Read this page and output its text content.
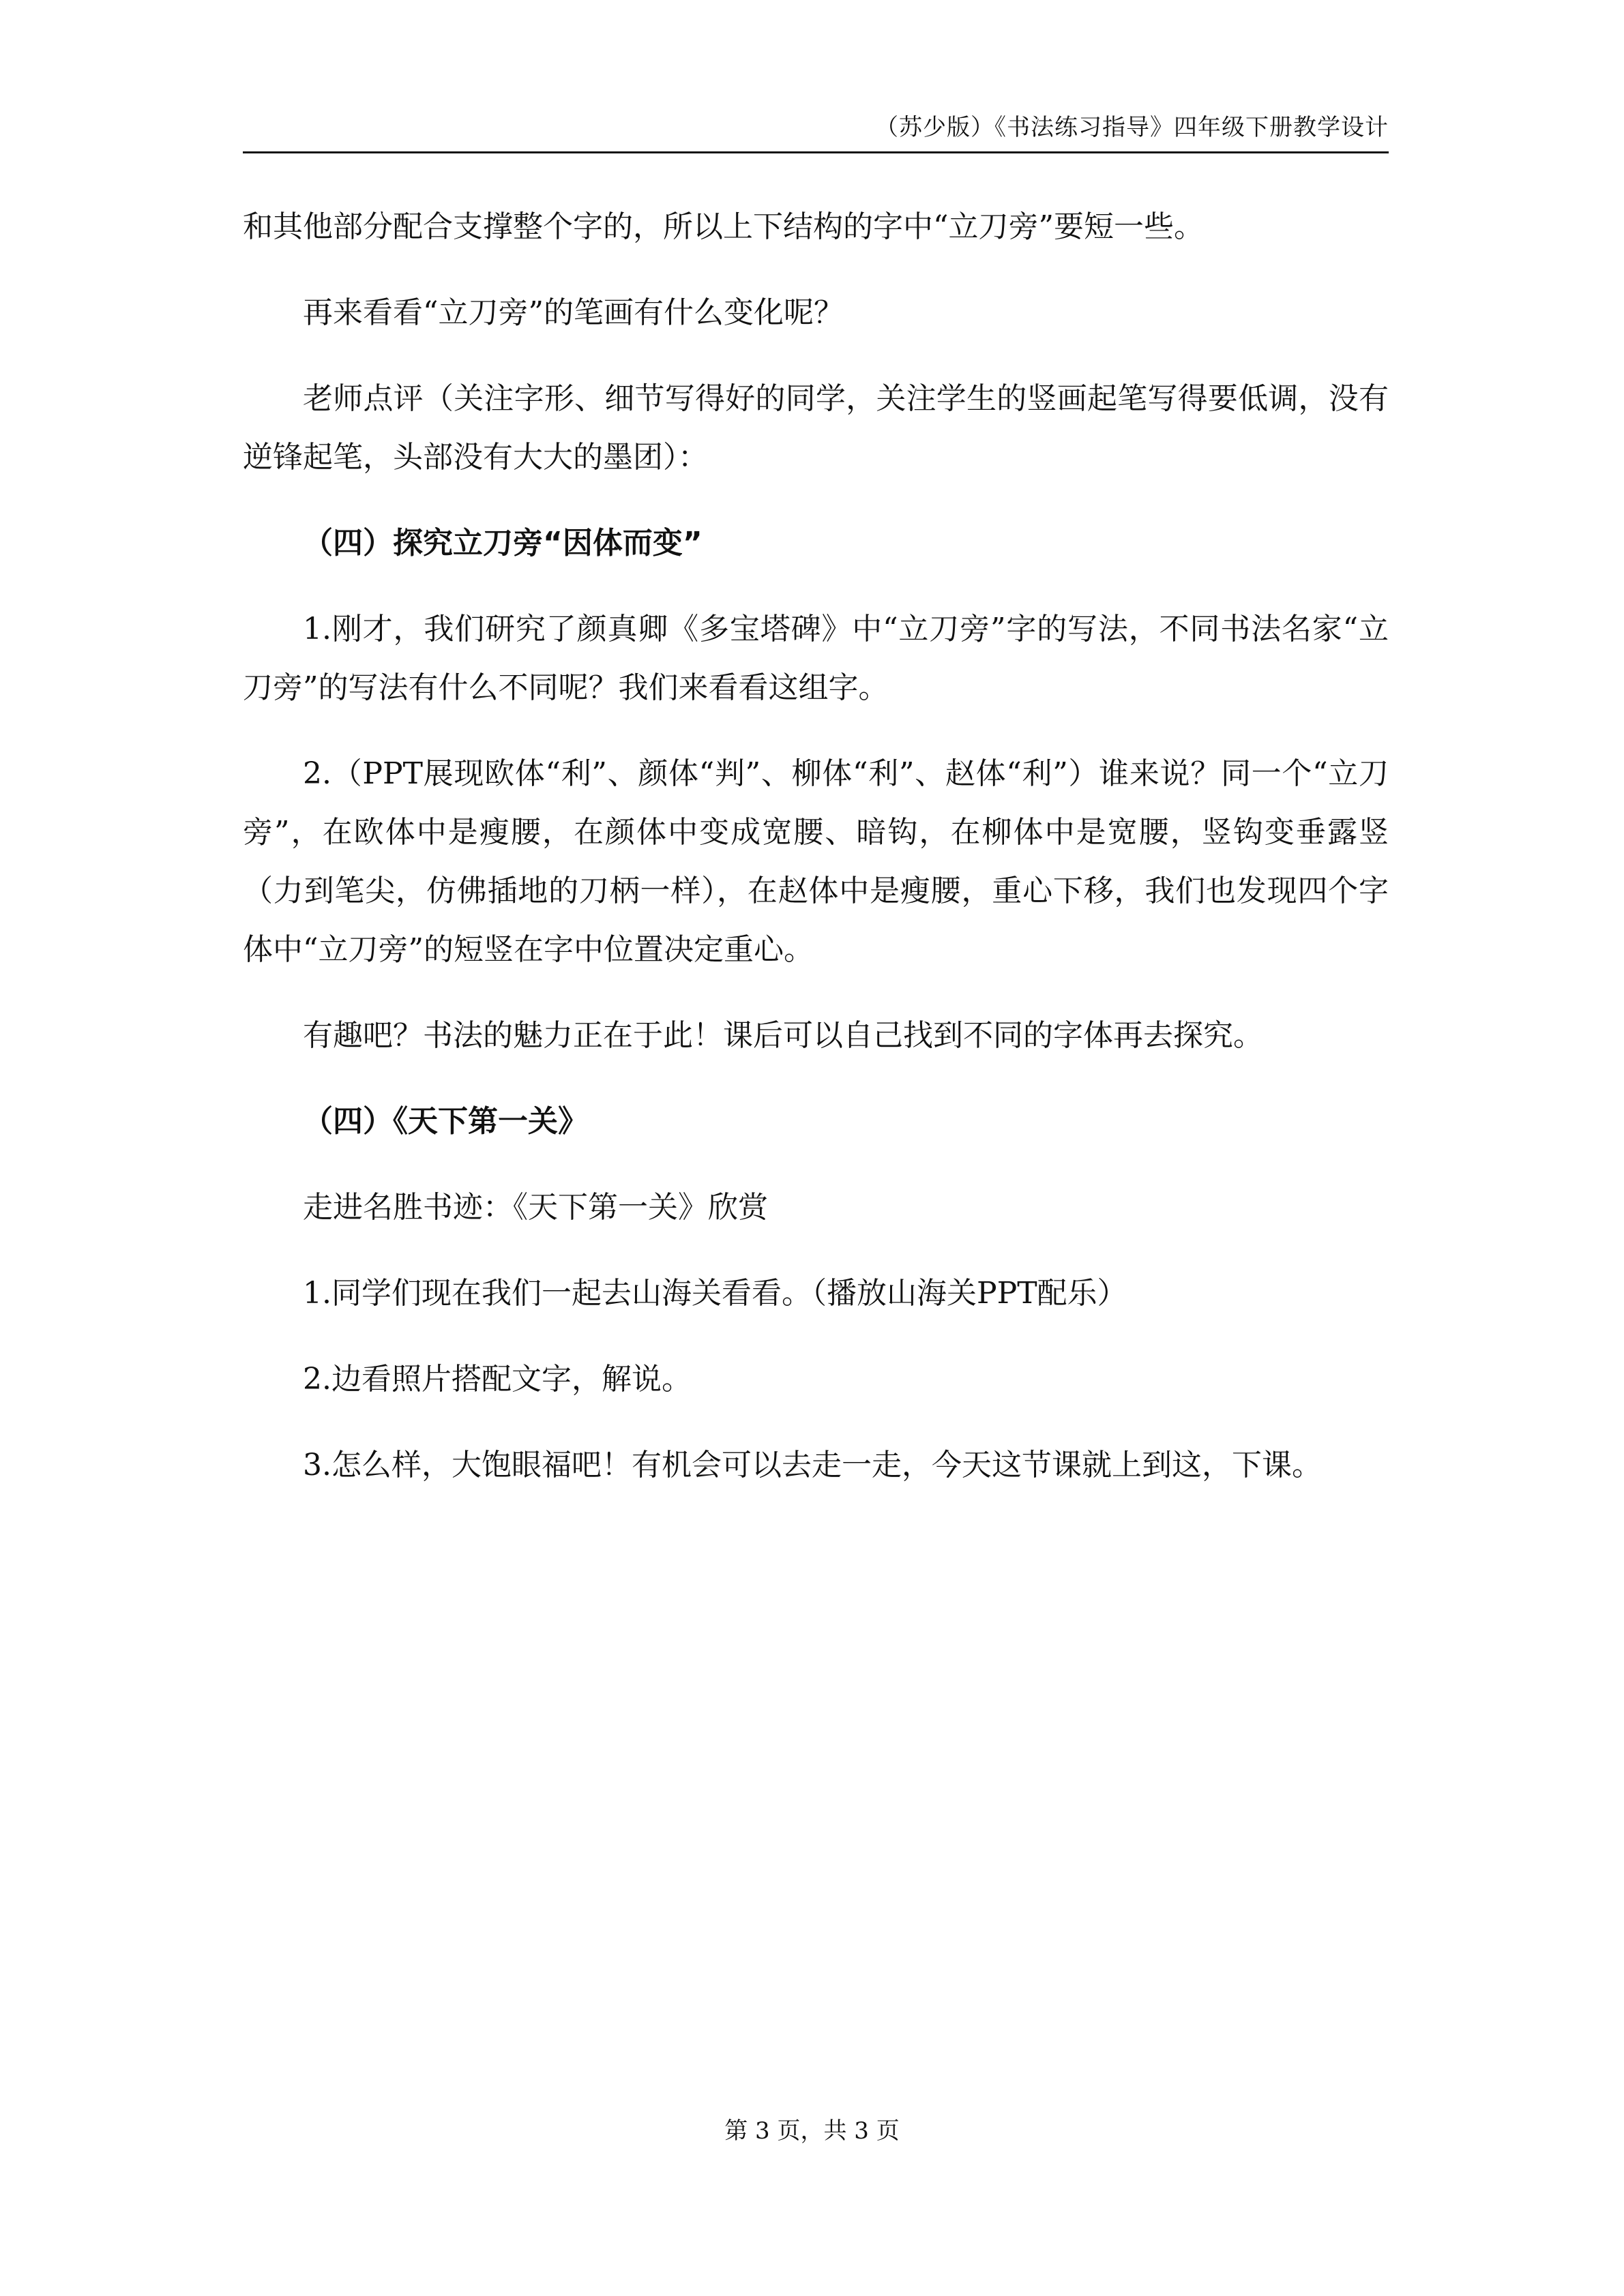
（苏少版）《书法练习指导》四年级下册教学设计

和其他部分配合支撑整个字的，所以上下结构的字中“立刀旁”要短一些。

再来看看“立刀旁”的笔画有什么变化呢？

老师点评（关注字形、细节写得好的同学，关注学生的竖画起笔写得要低调，没有逆锋起笔，头部没有大大的墨团）：

（四）探究立刀旁“因体而变”

1.刚才，我们研究了颜真卿《多宝塔碑》中“立刀旁”字的写法，不同书法名家“立刀旁”的写法有什么不同呢？我们来看看这组字。

2.（PPT展现欧体“利”、颜体“判”、柳体“利”、赵体“利”）谁来说？同一个“立刀旁”，在欧体中是瘦腰，在颜体中变成宽腰、暗钩，在柳体中是宽腰，竖钩变垂露竖（力到笔尖，仿佛插地的刀柄一样），在赵体中是瘦腰，重心下移，我们也发现四个字体中“立刀旁”的短竖在字中位置决定重心。

有趣吧？书法的魅力正在于此！课后可以自己找到不同的字体再去探究。

（四）《天下第一关》

走进名胜书迹：《天下第一关》欣赏

1.同学们现在我们一起去山海关看看。（播放山海关PPT配乐）

2.边看照片搭配文字，解说。

3.怎么样，大饱眼福吧！有机会可以去走一走，今天这节课就上到这，下课。

第 3 页，共 3 页
